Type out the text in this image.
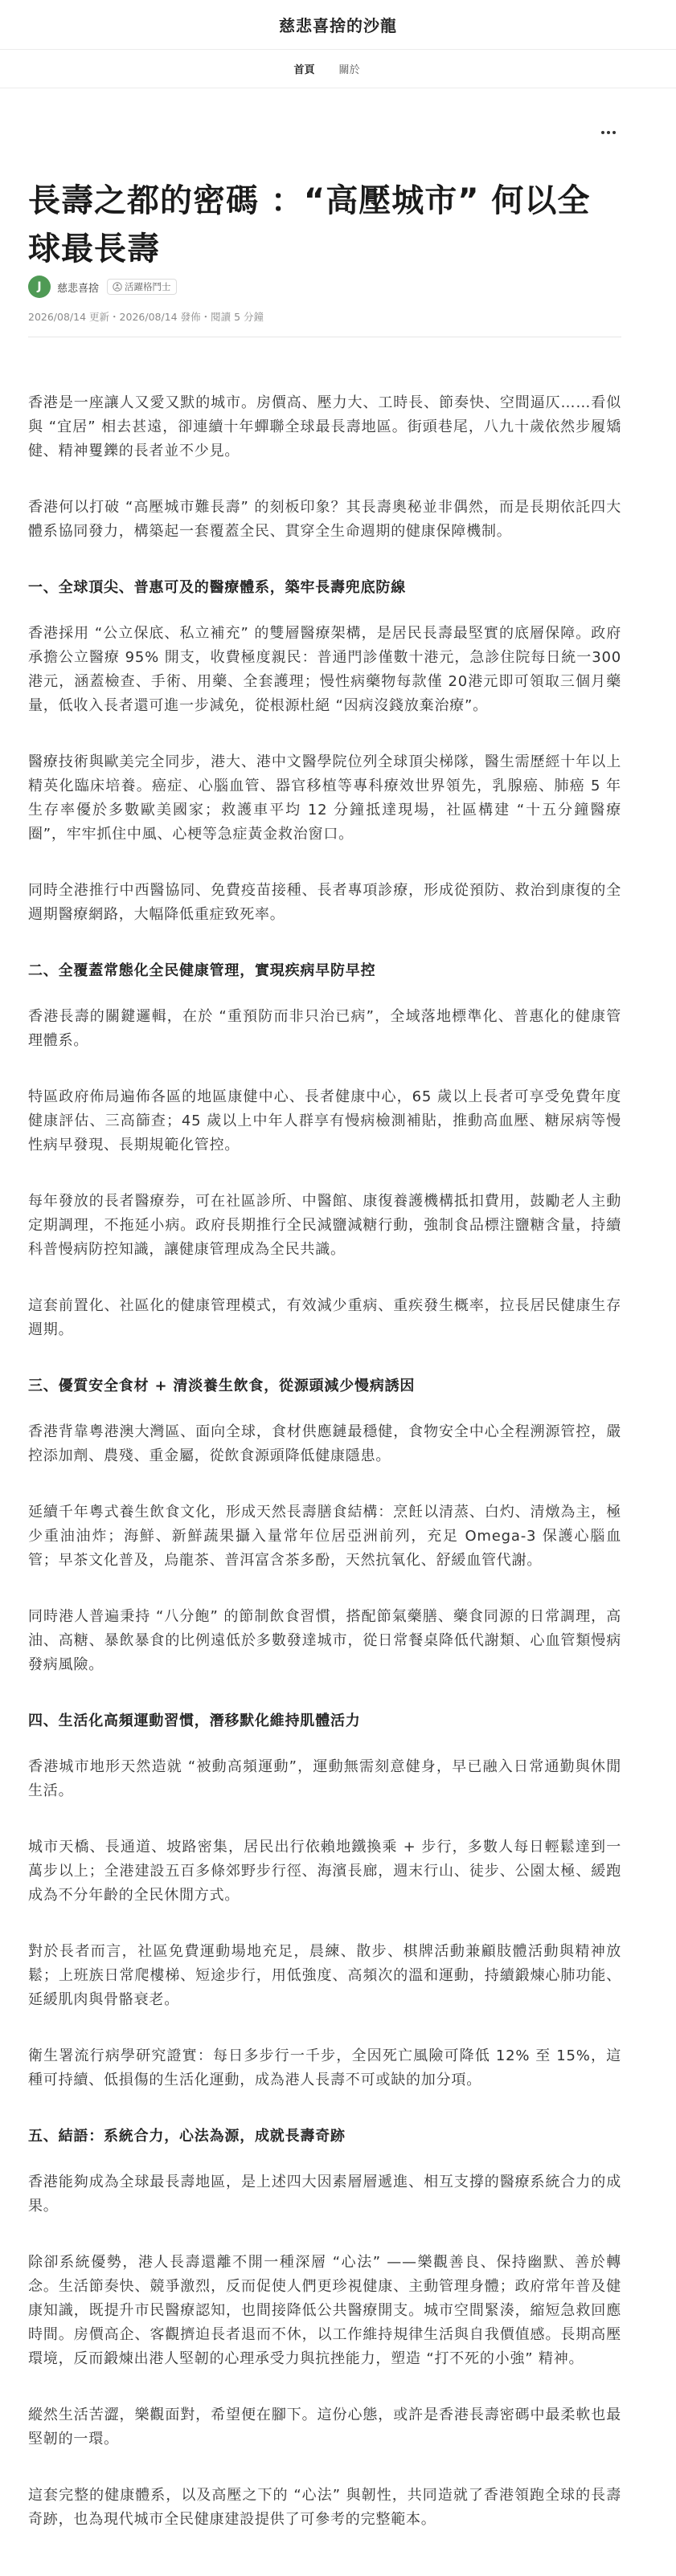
慈悲喜捨的沙龍
首頁 關於
長壽之都的密碼 ：“高壓城市” 何以全球最長壽
J	慈悲喜捨	活躍格鬥士
2026/08/14 更新・2026/08/14 發佈・閱讀 5 分鐘

香港是一座讓人又愛又默的城市。房價高、壓力大、工時長、節奏快、空間逼仄……看似與 “宜居” 相去甚遠，卻連續十年蟬聯全球最長壽地區。街頭巷尾，八九十歲依然步履矯健、精神矍鑠的長者並不少見。

香港何以打破 “高壓城市難長壽” 的刻板印象？其長壽奧秘並非偶然，而是長期依託四大體系協同發力，構築起一套覆蓋全民、貫穿全生命週期的健康保障機制。

一、全球頂尖、普惠可及的醫療體系，築牢長壽兜底防線

香港採用 “公立保底、私立補充” 的雙層醫療架構，是居民長壽最堅實的底層保障。政府承擔公立醫療 95% 開支，收費極度親民：普通門診僅數十港元，急診住院每日統一300 港元，涵蓋檢查、手術、用藥、全套護理；慢性病藥物每款僅 20港元即可領取三個月藥量，低收入長者還可進一步減免，從根源杜絕 “因病沒錢放棄治療”。

醫療技術與歐美完全同步，港大、港中文醫學院位列全球頂尖梯隊，醫生需歷經十年以上精英化臨床培養。癌症、心腦血管、器官移植等專科療效世界領先，乳腺癌、肺癌 5 年生存率優於多數歐美國家；救護車平均 12 分鐘抵達現場，社區構建 “十五分鐘醫療圈”，牢牢抓住中風、心梗等急症黃金救治窗口。

同時全港推行中西醫協同、免費疫苗接種、長者專項診療，形成從預防、救治到康復的全週期醫療網路，大幅降低重症致死率。

二、全覆蓋常態化全民健康管理，實現疾病早防早控

香港長壽的關鍵邏輯，在於 “重預防而非只治已病”，全域落地標準化、普惠化的健康管理體系。

特區政府佈局遍佈各區的地區康健中心、長者健康中心，65 歲以上長者可享受免費年度健康評估、三高篩查；45 歲以上中年人群享有慢病檢測補貼，推動高血壓、糖尿病等慢性病早發現、長期規範化管控。

每年發放的長者醫療券，可在社區診所、中醫館、康復養護機構抵扣費用，鼓勵老人主動定期調理，不拖延小病。政府長期推行全民減鹽減糖行動，強制食品標注鹽糖含量，持續科普慢病防控知識，讓健康管理成為全民共識。

這套前置化、社區化的健康管理模式，有效減少重病、重疾發生概率，拉長居民健康生存週期。

三、優質安全食材 + 清淡養生飲食，從源頭減少慢病誘因

香港背靠粵港澳大灣區、面向全球，食材供應鏈最穩健，食物安全中心全程溯源管控，嚴控添加劑、農殘、重金屬，從飲食源頭降低健康隱患。

延續千年粵式養生飲食文化，形成天然長壽膳食結構：烹飪以清蒸、白灼、清燉為主，極少重油油炸；海鮮、新鮮蔬果攝入量常年位居亞洲前列，充足 Omega-3 保護心腦血管；早茶文化普及，烏龍茶、普洱富含茶多酚，天然抗氧化、舒緩血管代謝。

同時港人普遍秉持 “八分飽” 的節制飲食習慣，搭配節氣藥膳、藥食同源的日常調理，高油、高糖、暴飲暴食的比例遠低於多數發達城市，從日常餐桌降低代謝類、心血管類慢病發病風險。

四、生活化高頻運動習慣，潛移默化維持肌體活力

香港城市地形天然造就 “被動高頻運動”，運動無需刻意健身，早已融入日常通勤與休閒生活。

城市天橋、長通道、坡路密集，居民出行依賴地鐵換乘 + 步行，多數人每日輕鬆達到一萬步以上；全港建設五百多條郊野步行徑、海濱長廊，週末行山、徒步、公園太極、緩跑成為不分年齡的全民休閒方式。

對於長者而言，社區免費運動場地充足，晨練、散步、棋牌活動兼顧肢體活動與精神放鬆；上班族日常爬樓梯、短途步行，用低強度、高頻次的溫和運動，持續鍛煉心肺功能、延緩肌肉與骨骼衰老。

衛生署流行病學研究證實：每日多步行一千步，全因死亡風險可降低 12% 至 15%，這種可持續、低損傷的生活化運動，成為港人長壽不可或缺的加分項。

五、結語：系統合力，心法為源，成就長壽奇跡

香港能夠成為全球最長壽地區，是上述四大因素層層遞進、相互支撐的醫療系統合力的成果。

除卻系統優勢，港人長壽還離不開一種深層 “心法” ——樂觀善良、保持幽默、善於轉念。生活節奏快、競爭激烈，反而促使人們更珍視健康、主動管理身體；政府常年普及健康知識，既提升市民醫療認知，也間接降低公共醫療開支。城市空間緊湊，縮短急救回應時間。房價高企、客觀擠迫長者退而不休，以工作維持規律生活與自我價值感。長期高壓環境，反而鍛煉出港人堅韌的心理承受力與抗挫能力，塑造 “打不死的小強” 精神。

縱然生活苦澀，樂觀面對，希望便在腳下。這份心態，或許是香港長壽密碼中最柔軟也最堅韌的一環。

這套完整的健康體系，以及高壓之下的 “心法” 與韌性，共同造就了香港領跑全球的長壽奇跡，也為現代城市全民健康建設提供了可參考的完整範本。
